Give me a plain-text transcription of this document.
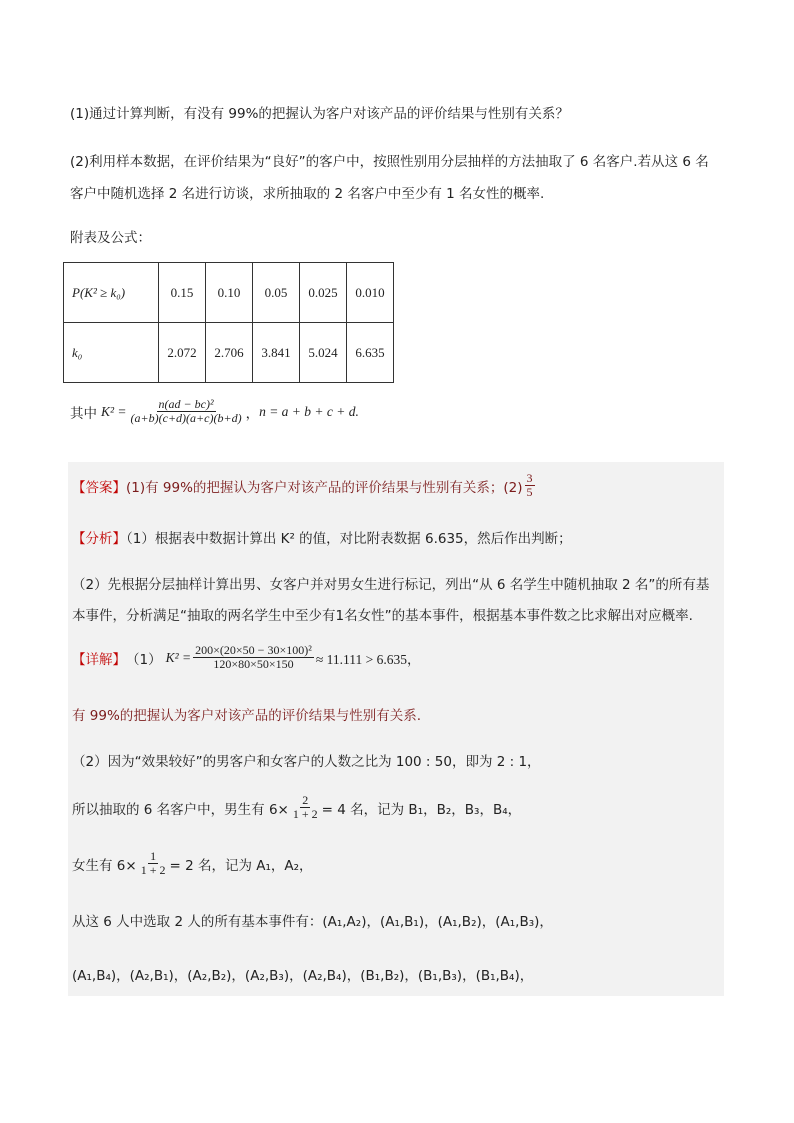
(1)通过计算判断，有没有 99%的把握认为客户对该产品的评价结果与性别有关系？
(2)利用样本数据，在评价结果为“良好”的客户中，按照性别用分层抽样的方法抽取了 6 名客户.若从这 6 名
客户中随机选择 2 名进行访谈，求所抽取的 2 名客户中至少有 1 名女性的概率.
附表及公式：
P(K² ≥ k₀)	0.15	0.10	0.05	0.025	0.010
k₀	2.072	2.706	3.841	5.024	6.635
其中 $K^2 = \frac{\text{n(ad − bc)²}}{(a+b)(c+d)(a+c)(b+d)}$ ， n = a + b + c + d.
【答案】 (1)有 99%的把握认为客户对该产品的评价结果与性别有关系；$(2) \frac{3}{5}$
【分析】（1）根据表中数据计算出 K² 的值，对比附表数据 6.635，然后作出判断；
（2）先根据分层抽样计算出男、女客户并对男女生进行标记，列出“从 6 名学生中随机抽取 2 名”的所有基
本事件，分析满足“抽取的两名学生中至少有1名女性”的基本事件，根据基本事件数之比求解出对应概率.
【详解】 （1） $K^2 = \frac{\text{200×(20×50 − 30×100)²}}{120\times 80\times 50\times 150} \approx 11.111 > 6.635$，
有 99%的把握认为客户对该产品的评价结果与性别有关系.
（2）因为“效果较好”的男客户和女客户的人数之比为 100 : 50，即为 2 : 1，
所以抽取的 6 名客户中，男生有 $6\times \frac{2}{1 + 2} = 4$ 名，记为 B₁，B₂，B₃，B₄，
女生有 $6\times \frac{1}{1 + 2} = 2$ 名，记为 A₁，A₂，
从这 6 人中选取 2 人的所有基本事件有：(A₁,A₂)，(A₁,B₁)，(A₁,B₂)，(A₁,B₃)，
(A₁,B₄)，(A₂,B₁)，(A₂,B₂)，(A₂,B₃)，(A₂,B₄)，(B₁,B₂)，(B₁,B₃)，(B₁,B₄)，
